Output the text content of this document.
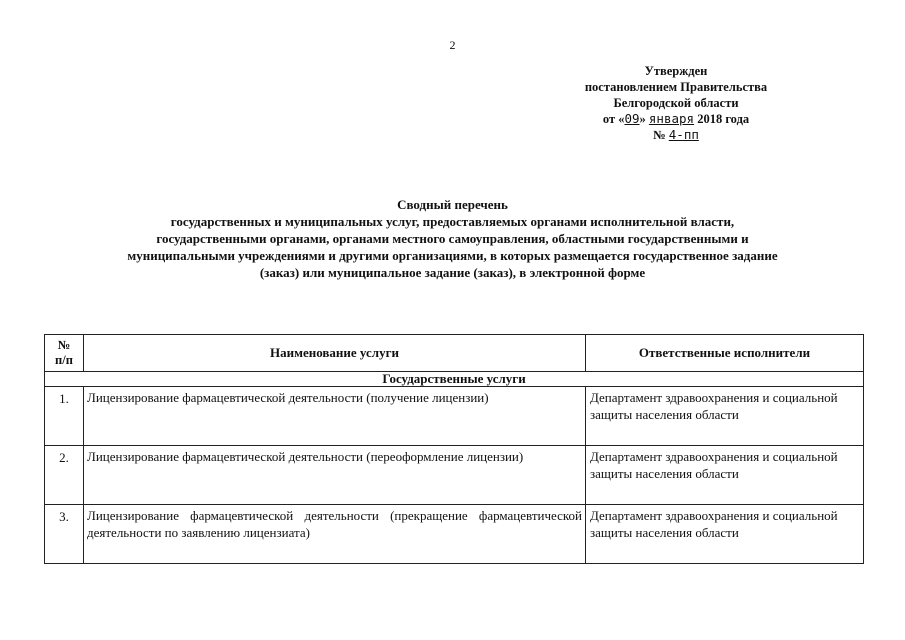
2
Утвержден
постановлением Правительства
Белгородской области
от «09» января 2018 года
№ 4-пп
Сводный перечень
государственных и муниципальных услуг, предоставляемых органами исполнительной власти,
государственными органами, органами местного самоуправления, областными государственными и
муниципальными учреждениями и другими организациями, в которых размещается государственное задание
(заказ) или муниципальное задание (заказ), в электронной форме
№
п/п	Наименование услуги	Ответственные исполнители
Государственные услуги		
1.	Лицензирование фармацевтической деятельности (получение лицензии)	Департамент здравоохранения и социальной защиты населения области
2.	Лицензирование фармацевтической деятельности (переоформление лицензии)	Департамент здравоохранения и социальной защиты населения области
3.	Лицензирование фармацевтической деятельности (прекращение фармацевтической деятельности по заявлению лицензиата)	Департамент здравоохранения и социальной защиты населения области
